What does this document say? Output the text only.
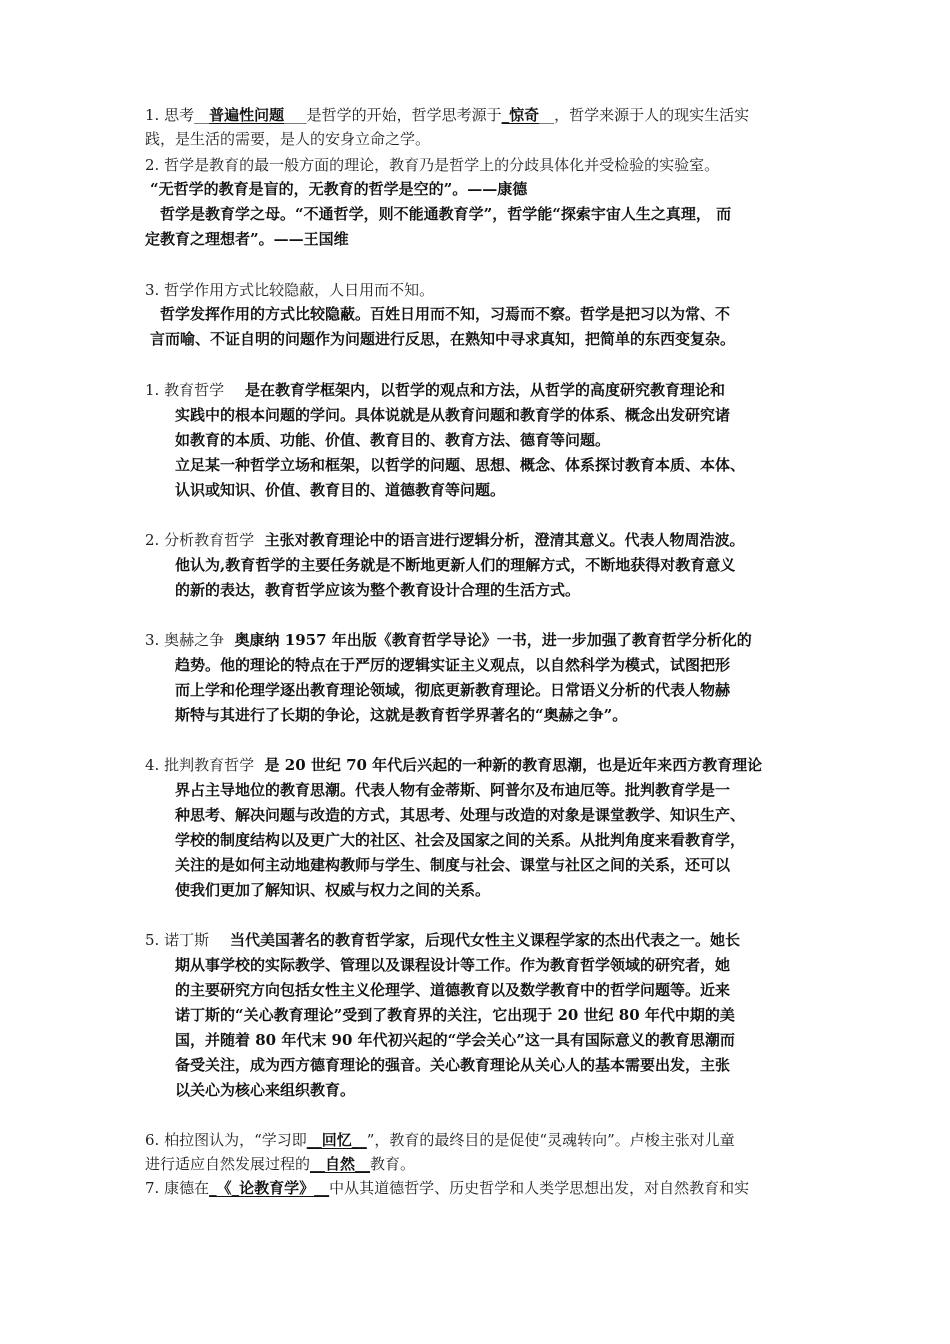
1. 思考__普遍性问题___是哲学的开始，哲学思考源于_惊奇__，哲学来源于人的现实生活实
践，是生活的需要，是人的安身立命之学。
2. 哲学是教育的最一般方面的理论，教育乃是哲学上的分歧具体化并受检验的实验室。
“无哲学的教育是盲的，无教育的哲学是空的”。——康德
哲学是教育学之母。“不通哲学，则不能通教育学”，哲学能“探索宇宙人生之真理， 而
定教育之理想者”。——王国维
3. 哲学作用方式比较隐蔽，人日用而不知。
哲学发挥作用的方式比较隐蔽。百姓日用而不知，习焉而不察。哲学是把习以为常、不
言而喻、不证自明的问题作为问题进行反思，在熟知中寻求真知，把简单的东西变复杂。
1. 教育哲学 是在教育学框架内，以哲学的观点和方法，从哲学的高度研究教育理论和
实践中的根本问题的学问。具体说就是从教育问题和教育学的体系、概念出发研究诸
如教育的本质、功能、价值、教育目的、教育方法、德育等问题。
立足某一种哲学立场和框架，以哲学的问题、思想、概念、体系探讨教育本质、本体、
认识或知识、价值、教育目的、道德教育等问题。
2. 分析教育哲学 主张对教育理论中的语言进行逻辑分析，澄清其意义。代表人物周浩波。
他认为,教育哲学的主要任务就是不断地更新人们的理解方式，不断地获得对教育意义
的新的表达，教育哲学应该为整个教育设计合理的生活方式。
3. 奥赫之争 奥康纳 1957 年出版《教育哲学导论》一书，进一步加强了教育哲学分析化的
趋势。他的理论的特点在于严厉的逻辑实证主义观点，以自然科学为模式，试图把形
而上学和伦理学逐出教育理论领域，彻底更新教育理论。日常语义分析的代表人物赫
斯特与其进行了长期的争论，这就是教育哲学界著名的“奥赫之争”。
4. 批判教育哲学 是 20 世纪 70 年代后兴起的一种新的教育思潮，也是近年来西方教育理论
界占主导地位的教育思潮。代表人物有金蒂斯、阿普尔及布迪厄等。批判教育学是一
种思考、解决问题与改造的方式，其思考、处理与改造的对象是课堂教学、知识生产、
学校的制度结构以及更广大的社区、社会及国家之间的关系。从批判角度来看教育学，
关注的是如何主动地建构教师与学生、制度与社会、课堂与社区之间的关系，还可以
使我们更加了解知识、权威与权力之间的关系。
5. 诺丁斯 当代美国著名的教育哲学家，后现代女性主义课程学家的杰出代表之一。她长
期从事学校的实际教学、管理以及课程设计等工作。作为教育哲学领域的研究者，她
的主要研究方向包括女性主义伦理学、道德教育以及数学教育中的哲学问题等。近来
诺丁斯的“关心教育理论”受到了教育界的关注，它出现于 20 世纪 80 年代中期的美
国，并随着 80 年代末 90 年代初兴起的“学会关心”这一具有国际意义的教育思潮而
备受关注，成为西方德育理论的强音。关心教育理论从关心人的基本需要出发，主张
以关心为核心来组织教育。
6. 柏拉图认为，“学习即__回忆__”，教育的最终目的是促使“灵魂转向”。卢梭主张对儿童
进行适应自然发展过程的__自然__教育。
7. 康德在_《_论教育学》__中从其道德哲学、历史哲学和人类学思想出发，对自然教育和实
